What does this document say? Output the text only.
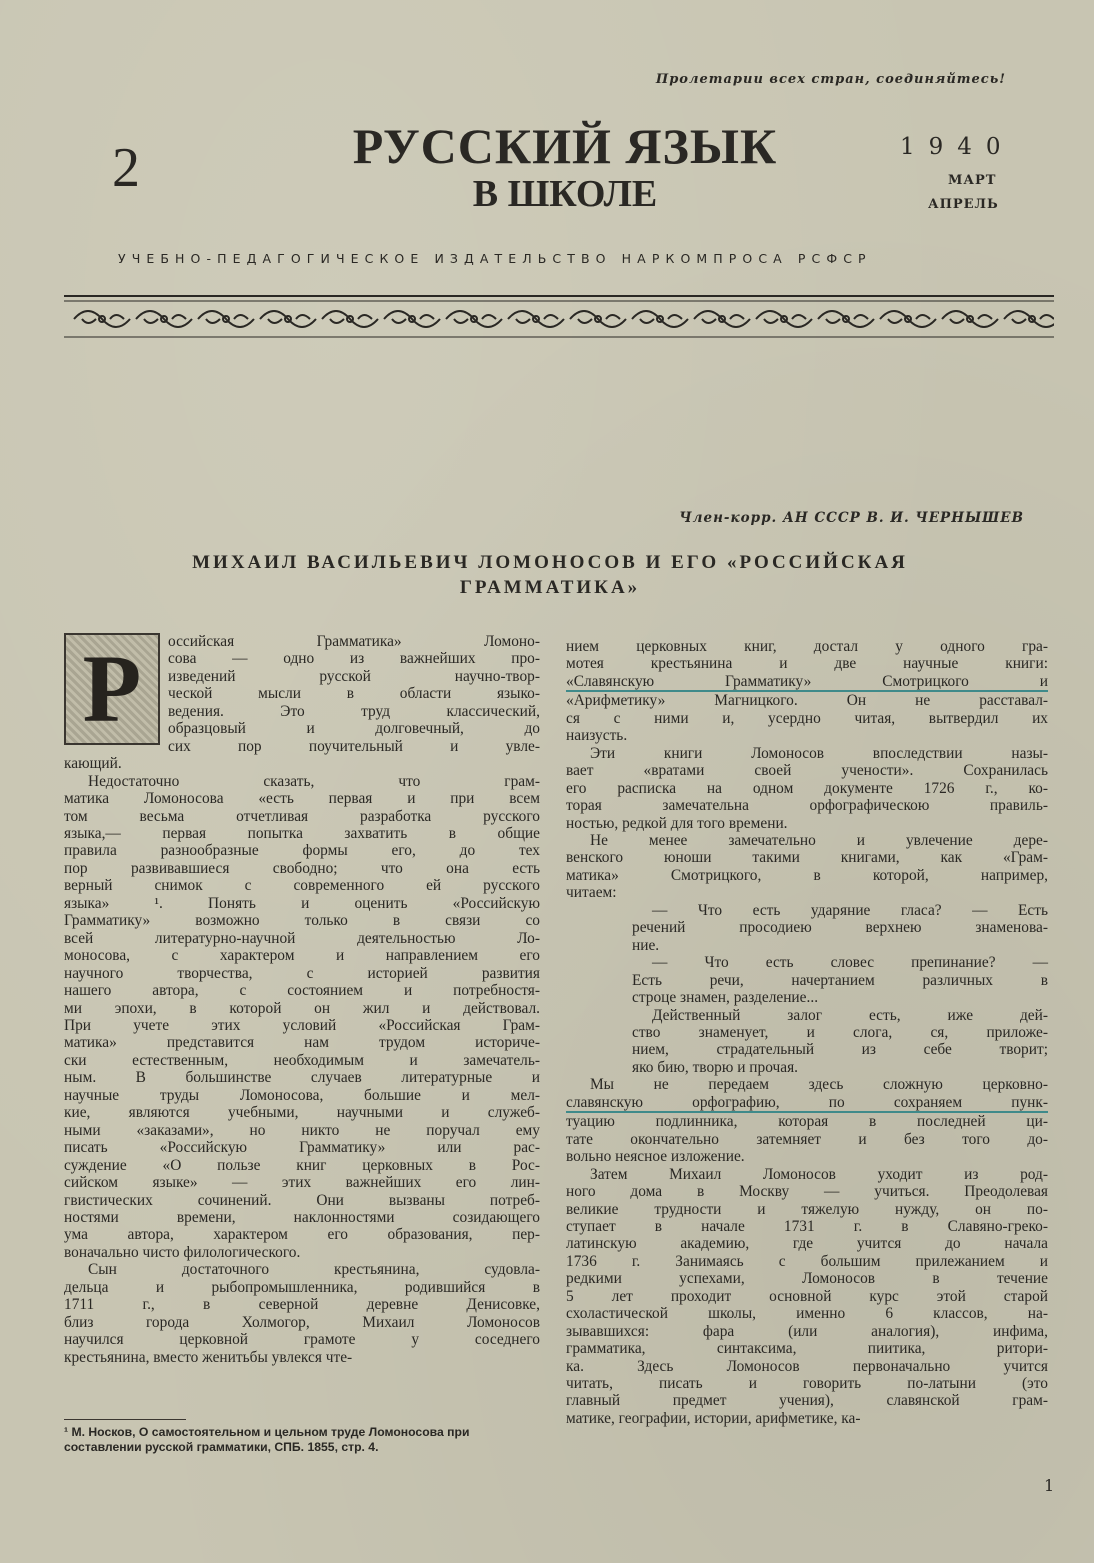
Пролетарии всех стран, соединяйтесь!
2	РУССКИЙ ЯЗЫК
В ШКОЛЕ
1940
МАРТ
АПРЕЛЬ
УЧЕБНО-ПЕДАГОГИЧЕСКОЕ ИЗДАТЕЛЬСТВО НАРКОМПРОСА РСФСР
Член-корр. АН СССР В. И. ЧЕРНЫШЕВ
МИХАИЛ ВАСИЛЬЕВИЧ ЛОМОНОСОВ И ЕГО «РОССИЙСКАЯ
ГРАММАТИКА»
Р	оссийская Грамматика» Ломоно-
сова — одно из важнейших про-
изведений русской научно-твор-
ческой мысли в области языко-
ведения. Это труд классический,
образцовый и долговечный, до
сих пор поучительный и увле-
кающий.
Недостаточно сказать, что грам-
матика Ломоносова «есть первая и при всем
том весьма отчетливая разработка русского
языка,— первая попытка захватить в общие
правила разнообразные формы его, до тех
пор развивавшиеся свободно; что она есть
верный снимок с современного ей русского
языка» ¹. Понять и оценить «Российскую
Грамматику» возможно только в связи со
всей литературно-научной деятельностью Ло-
моносова, с характером и направлением его
научного творчества, с историей развития
нашего автора, с состоянием и потребностя-
ми эпохи, в которой он жил и действовал.
При учете этих условий «Российская Грам-
матика» представится нам трудом историче-
ски естественным, необходимым и замечатель-
ным. В большинстве случаев литературные и
научные труды Ломоносова, большие и мел-
кие, являются учебными, научными и служеб-
ными «заказами», но никто не поручал ему
писать «Российскую Грамматику» или рас-
суждение «О пользе книг церковных в Рос-
сийском языке» — этих важнейших его лин-
гвистических сочинений. Они вызваны потреб-
ностями времени, наклонностями созидающего
ума автора, характером его образования, пер-
воначально чисто филологического.
Сын достаточного крестьянина, судовла-
дельца и рыбопромышленника, родившийся в
1711 г., в северной деревне Денисовке,
близ города Холмогор, Михаил Ломоносов
научился церковной грамоте у соседнего
крестьянина, вместо женитьбы увлекся чте-
нием церковных книг, достал у одного гра-
мотея крестьянина и две научные книги:
«Славянскую Грамматику» Смотрицкого и
«Арифметику» Магницкого. Он не расставал-
ся с ними и, усердно читая, вытвердил их
наизусть.
Эти книги Ломоносов впоследствии назы-
вает «вратами своей учености». Сохранилась
его расписка на одном документе 1726 г., ко-
торая замечательна орфографическою правиль-
ностью, редкой для того времени.
Не менее замечательно и увлечение дере-
венского юноши такими книгами, как «Грам-
матика» Смотрицкого, в которой, например,
читаем:
— Что есть ударяние гласа? — Есть
речений просодиею верхнею знаменова-
ние.
— Что есть словес препинание? —
Есть речи, начертанием различных в
строце знамен, разделение...
Действенный залог есть, иже дей-
ство знаменует, и слога, ся, приложе-
нием, страдательный из себе творит;
яко бию, творю и прочая.
Мы не передаем здесь сложную церковно-
славянскую орфографию, по сохраняем пунк-
туацию подлинника, которая в последней ци-
тате окончательно затемняет и без того до-
вольно неясное изложение.
Затем Михаил Ломоносов уходит из род-
ного дома в Москву — учиться. Преодолевая
великие трудности и тяжелую нужду, он по-
ступает в начале 1731 г. в Славяно-греко-
латинскую академию, где учится до начала
1736 г. Занимаясь с большим прилежанием и
редкими успехами, Ломоносов в течение
5 лет проходит основной курс этой старой
схоластической школы, именно 6 классов, на-
зывавшихся: фара (или аналогия), инфима,
грамматика, синтаксима, пиитика, ритори-
ка. Здесь Ломоносов первоначально учится
читать, писать и говорить по-латыни (это
главный предмет учения), славянской грам-
матике, географии, истории, арифметике, ка-
¹ М. Носков, О самостоятельном и цельном труде Ломоносова при составлении русской грамматики, СПБ. 1855, стр. 4.
1
